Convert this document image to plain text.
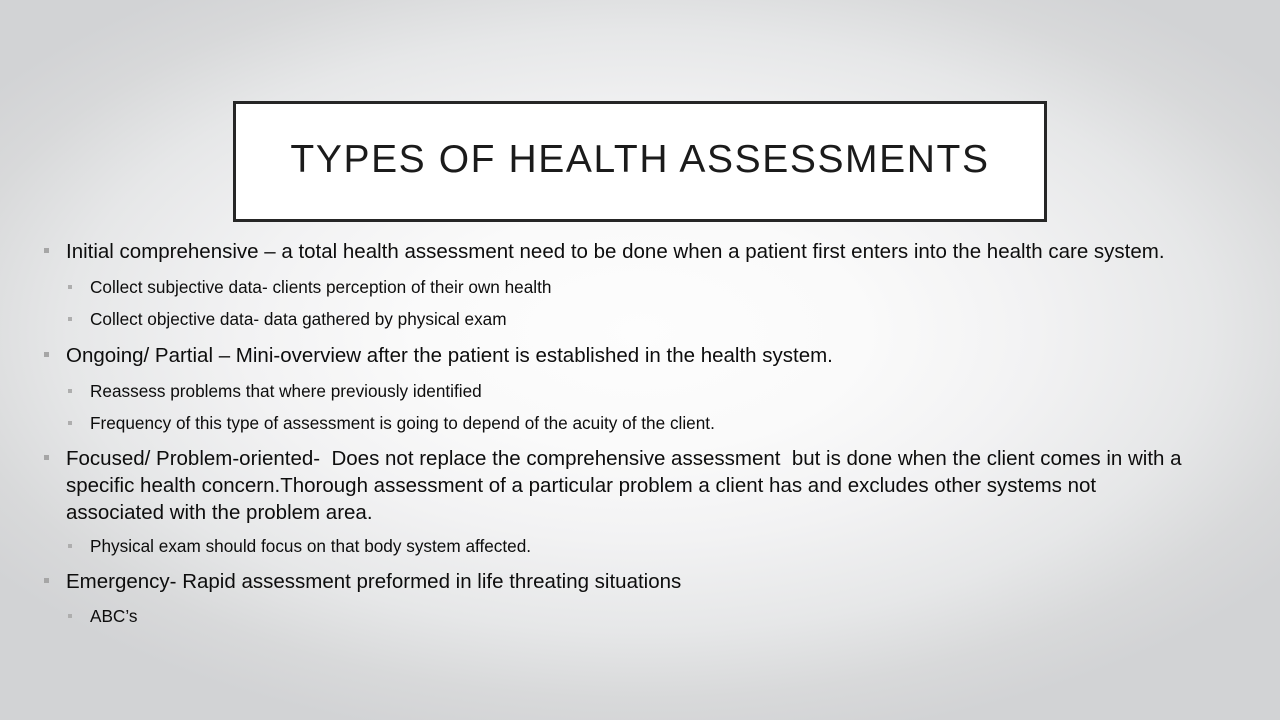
TYPES OF HEALTH ASSESSMENTS
Initial comprehensive – a total health assessment need to be done when a patient first enters into the health care system.
Collect subjective data- clients perception of their own health
Collect objective data- data gathered by physical exam
Ongoing/ Partial – Mini-overview after the patient is established in the health system.
Reassess problems that where previously identified
Frequency of this type of assessment is going to depend of the acuity of the client.
Focused/ Problem-oriented-  Does not replace the comprehensive assessment  but is done when the client comes in with a specific health concern.Thorough assessment of a particular problem a client has and excludes other systems not associated with the problem area.
Physical exam should focus on that body system affected.
Emergency- Rapid assessment preformed in life threating situations
ABC’s
